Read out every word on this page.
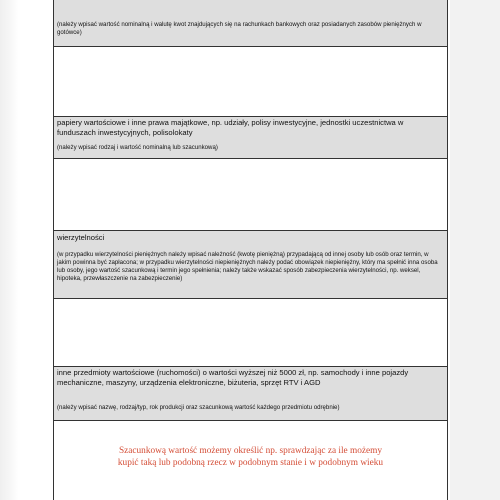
(należy wpisać wartość nominalną i walutę kwot znajdujących się na rachunkach bankowych oraz posiadanych zasobów pieniężnych w gotówce)
papiery wartościowe i inne prawa majątkowe, np. udziały, polisy inwestycyjne, jednostki uczestnictwa w funduszach inwestycyjnych, polisolokaty
(należy wpisać rodzaj i wartość nominalną lub szacunkową)
wierzytelności
(w przypadku wierzytelności pieniężnych należy wpisać należność (kwotę pieniężną) przypadającą od innej osoby lub osób oraz termin, w jakim powinna być zapłacona; w przypadku wierzytelności niepieniężnych należy podać obowiązek niepieniężny, który ma spełnić inna osoba lub osoby, jego wartość szacunkową i termin jego spełnienia; należy także wskazać sposób zabezpieczenia wierzytelności, np. weksel, hipoteka, przewłaszczenie na zabezpieczenie)
inne przedmioty wartościowe (ruchomości) o wartości wyższej niż 5000 zł, np. samochody i inne pojazdy mechaniczne, maszyny, urządzenia elektroniczne, biżuteria, sprzęt RTV i AGD
(należy wpisać nazwę, rodzaj/typ, rok produkcji oraz szacunkową wartość każdego przedmiotu odrębnie)
Szacunkową wartość możemy określić np. sprawdzając za ile możemy
kupić taką lub podobną rzecz w podobnym stanie i w podobnym wieku
